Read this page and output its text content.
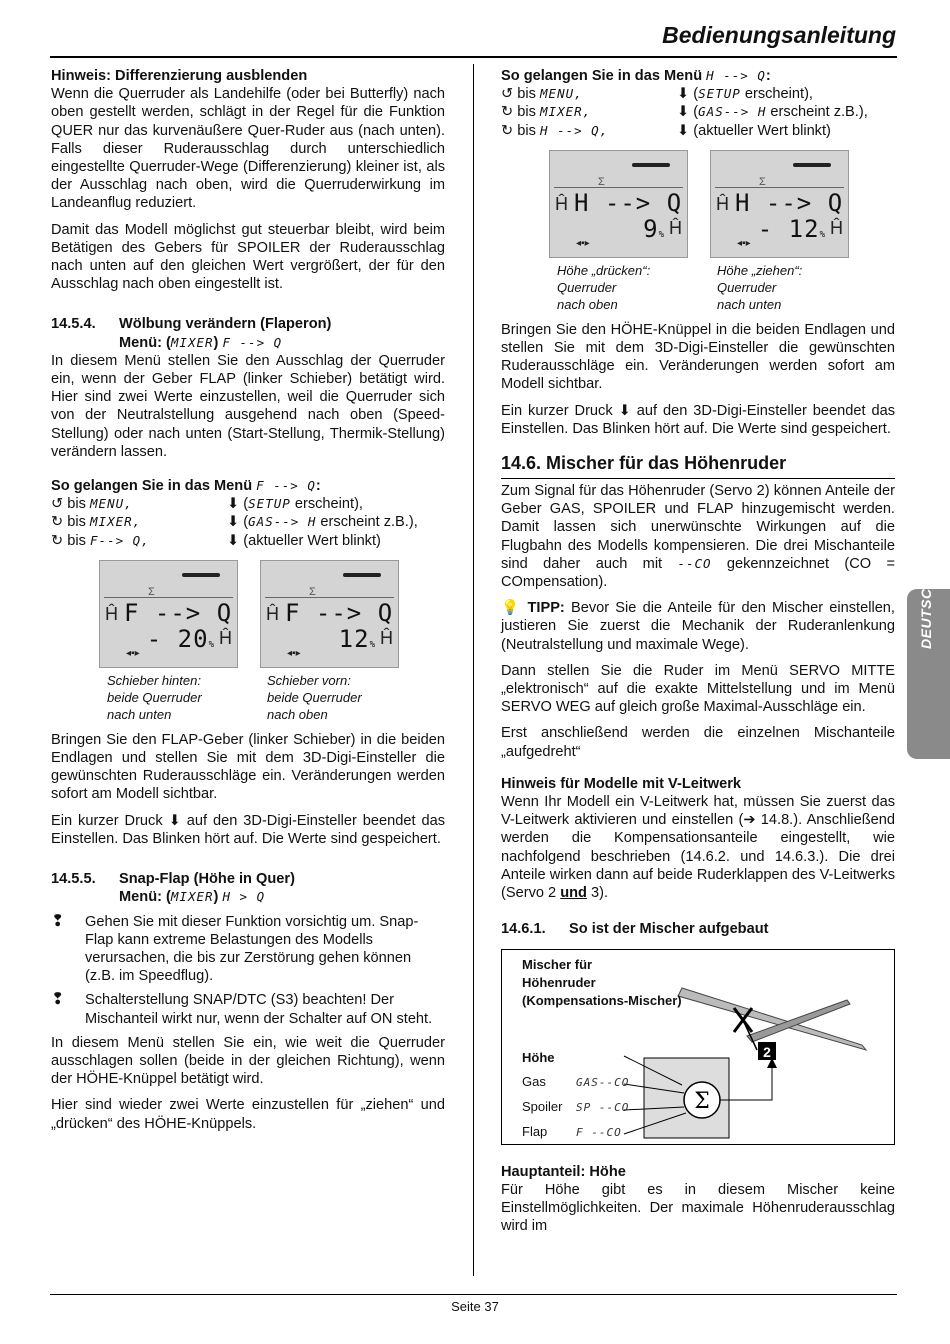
Bedienungsanleitung
DEUTSCH
Hinweis: Differenzierung ausblenden

Wenn die Querruder als Landehilfe (oder bei Butterfly) nach oben gestellt werden, schlägt in der Regel für die Funktion QUER nur das kurvenäußere Quer-Ruder aus (nach unten). Falls dieser Ruderausschlag durch unterschiedlich eingestellte Querruder-Wege (Differenzierung) kleiner ist, als der Ausschlag nach oben, wird die Querruderwirkung im Landeanflug reduziert.

Damit das Modell möglichst gut steuerbar bleibt, wird beim Betätigen des Gebers für SPOILER der Ruderausschlag nach unten auf den gleichen Wert vergrößert, der für den Ausschlag nach oben eingestellt ist.

14.5.4. Wölbung verändern (Flaperon)
Menü: (MIXER) F --> Q

In diesem Menü stellen Sie den Ausschlag der Querruder ein, wenn der Geber FLAP (linker Schieber) betätigt wird. Hier sind zwei Werte einzustellen, weil die Querruder sich von der Neutralstellung ausgehend nach oben (Speed-Stellung) oder nach unten (Start-Stellung, Thermik-Stellung) verändern lassen.

So gelangen Sie in das Menü F --> Q:
↺ bis MENU,	⬇ (SETUP erscheint),
↻ bis MIXER,	⬇ (GAS--> H erscheint z.B.),
↻ bis F--> Q,	⬇ (aktueller Wert blinkt)
Σ
F --> Q
Ĥ
Ĥ
- 20%
◂▪▸
Σ
F --> Q
Ĥ
Ĥ
12%
◂▪▸
Schieber hinten:
beide Querruder
nach unten
Schieber vorn:
beide Querruder
nach oben

Bringen Sie den FLAP-Geber (linker Schieber) in die beiden Endlagen und stellen Sie mit dem 3D-Digi-Einsteller die gewünschten Ruderausschläge ein. Veränderungen werden sofort am Modell sichtbar.

Ein kurzer Druck ⬇ auf den 3D-Digi-Einsteller beendet das Einstellen. Das Blinken hört auf. Die Werte sind gespeichert.

14.5.5. Snap-Flap (Höhe in Quer)
Menü: (MIXER) H > Q
❢	Gehen Sie mit dieser Funktion vorsichtig um. Snap-Flap kann extreme Belastungen des Modells verursachen, die bis zur Zerstörung gehen können (z.B. im Speedflug).
❢	Schalterstellung SNAP/DTC (S3) beachten! Der Mischanteil wirkt nur, wenn der Schalter auf ON steht.

In diesem Menü stellen Sie ein, wie weit die Querruder ausschlagen sollen (beide in der gleichen Richtung), wenn der HÖHE-Knüppel betätigt wird.

Hier sind wieder zwei Werte einzustellen für „ziehen“ und „drücken“ des HÖHE-Knüppels.

So gelangen Sie in das Menü H --> Q:
↺ bis MENU,	⬇ (SETUP erscheint),
↻ bis MIXER,	⬇ (GAS--> H erscheint z.B.),
↻ bis H --> Q,	⬇ (aktueller Wert blinkt)
Σ
H --> Q
Ĥ
Ĥ
9%
◂▪▸
Σ
H --> Q
Ĥ
Ĥ
- 12%
◂▪▸
Höhe „drücken“:
Querruder
nach oben
Höhe „ziehen“:
Querruder
nach unten

Bringen Sie den HÖHE-Knüppel in die beiden Endlagen und stellen Sie mit dem 3D-Digi-Einsteller die gewünschten Ruderausschläge ein. Veränderungen werden sofort am Modell sichtbar.

Ein kurzer Druck ⬇ auf den 3D-Digi-Einsteller beendet das Einstellen. Das Blinken hört auf. Die Werte sind gespeichert.

14.6. Mischer für das Höhenruder

Zum Signal für das Höhenruder (Servo 2) können Anteile der Geber GAS, SPOILER und FLAP hinzugemischt werden. Damit lassen sich unerwünschte Wirkungen auf die Flugbahn des Modells kompensieren. Die drei Mischanteile sind daher auch mit --CO gekennzeichnet (CO = COmpensation).

💡 TIPP: Bevor Sie die Anteile für den Mischer einstellen, justieren Sie zuerst die Mechanik der Ruderanlenkung (Neutralstellung und maximale Wege).

Dann stellen Sie die Ruder im Menü SERVO MITTE „elektronisch“ auf die exakte Mittelstellung und im Menü SERVO WEG auf gleich große Maximal-Ausschläge ein.

Erst anschließend werden die einzelnen Mischanteile „aufgedreht“

Hinweis für Modelle mit V-Leitwerk

Wenn Ihr Modell ein V-Leitwerk hat, müssen Sie zuerst das V-Leitwerk aktivieren und einstellen (➔ 14.8.). Anschließend werden die Kompensationsanteile eingestellt, wie nachfolgend beschrieben (14.6.2. und 14.6.3.). Die drei Anteile wirken dann auf beide Ruderklappen des V-Leitwerks (Servo 2 und 3).

14.6.1. So ist der Mischer aufgebaut
Σ
2
Mischer für
Höhenruder
(Kompensations-Mischer)
Höhe
Gas	GAS--CO
Spoiler SP --CO
Flap	F --CO
Hauptanteil: Höhe

Für Höhe gibt es in diesem Mischer keine Einstellmöglichkeiten. Der maximale Höhenruderausschlag wird im

Seite 37
